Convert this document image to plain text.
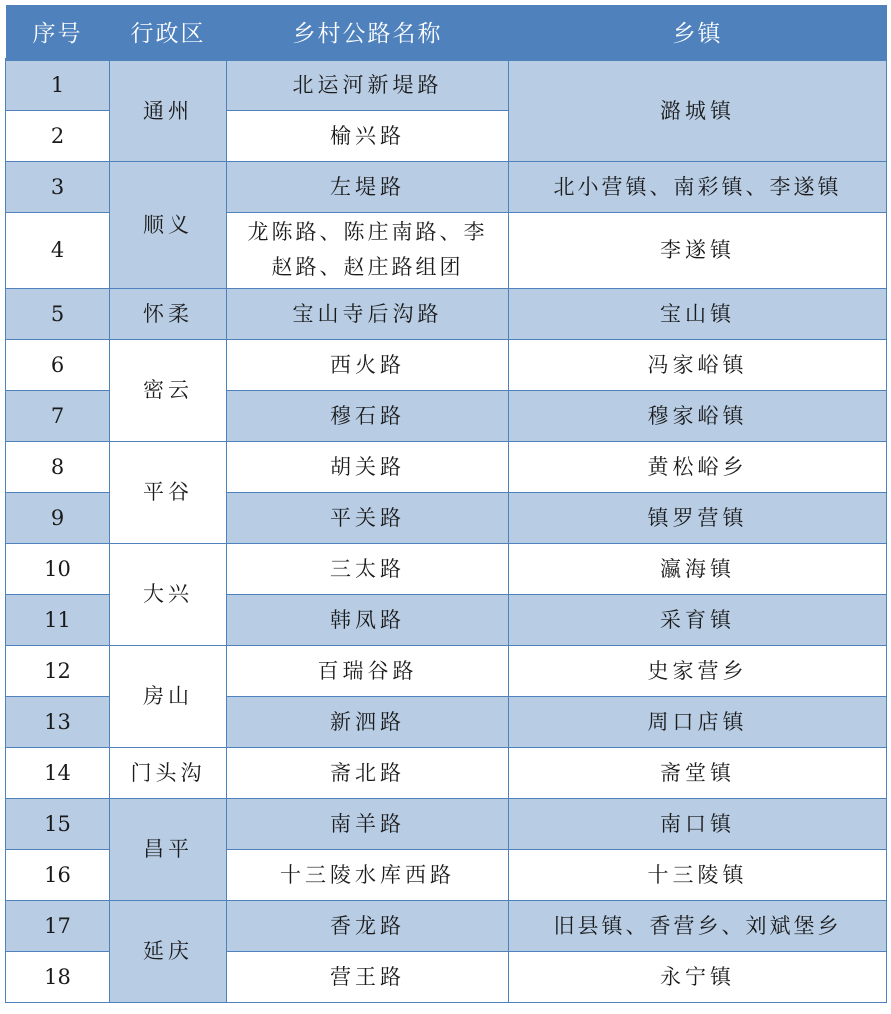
序号	行政区	乡村公路名称	乡镇
1	通州	北运河新堤路	潞城镇
2		榆兴路	
3	顺义	左堤路	北小营镇、南彩镇、李遂镇
4		龙陈路、陈庄南路、李赵路、赵庄路组团	李遂镇
5	怀柔	宝山寺后沟路	宝山镇
6	密云	西火路	冯家峪镇
7		穆石路	穆家峪镇
8	平谷	胡关路	黄松峪乡
9		平关路	镇罗营镇
10	大兴	三太路	瀛海镇
11		韩凤路	采育镇
12	房山	百瑞谷路	史家营乡
13		新泗路	周口店镇
14	门头沟	斋北路	斋堂镇
15	昌平	南羊路	南口镇
16		十三陵水库西路	十三陵镇
17	延庆	香龙路	旧县镇、香营乡、刘斌堡乡
18		营王路	永宁镇
